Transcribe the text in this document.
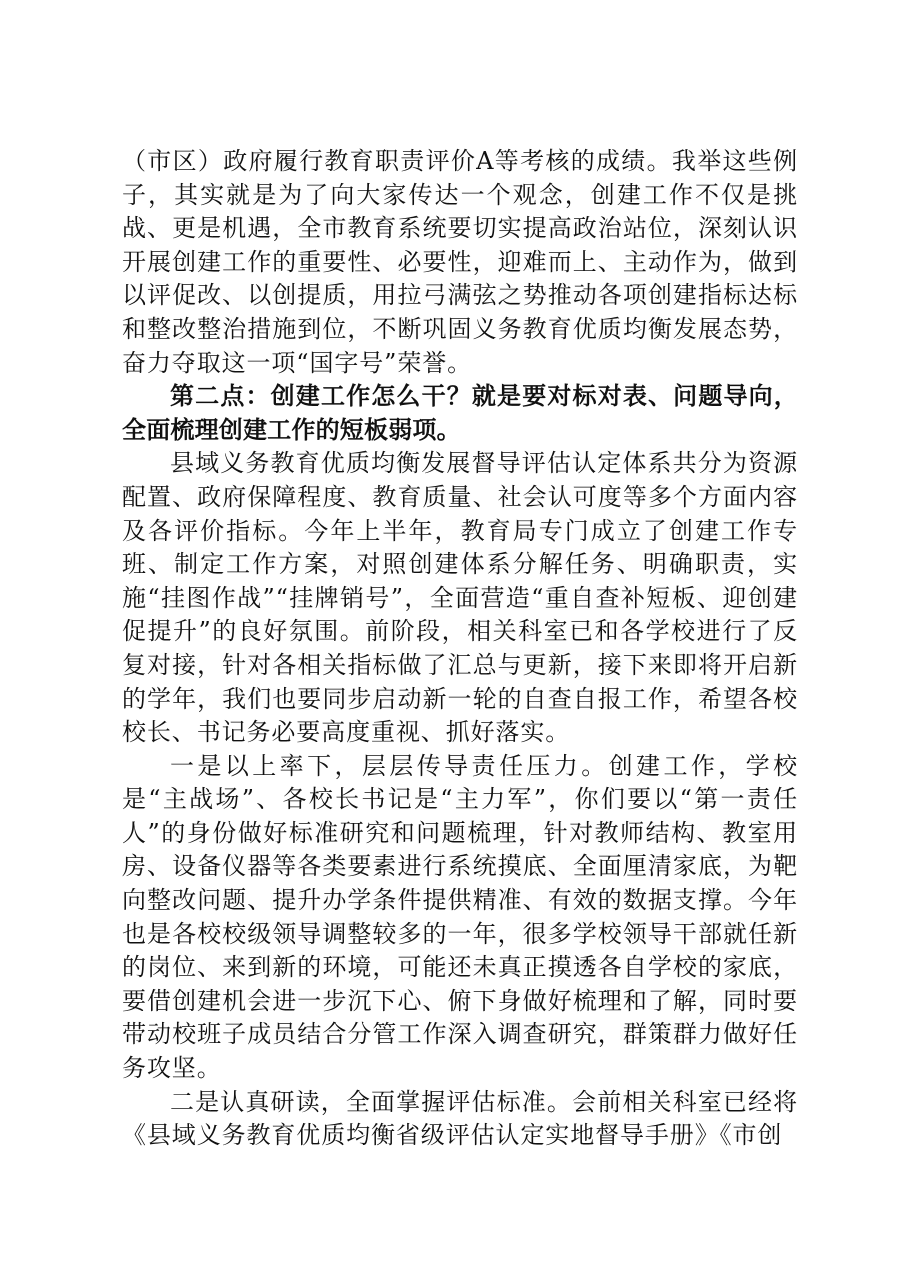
（市区）政府履行教育职责评价A等考核的成绩。我举这些例子，其实就是为了向大家传达一个观念，创建工作不仅是挑战、更是机遇，全市教育系统要切实提高政治站位，深刻认识开展创建工作的重要性、必要性，迎难而上、主动作为，做到以评促改、以创提质，用拉弓满弦之势推动各项创建指标达标和整改整治措施到位，不断巩固义务教育优质均衡发展态势，奋力夺取这一项“国字号”荣誉。

第二点：创建工作怎么干？就是要对标对表、问题导向，全面梳理创建工作的短板弱项。

县域义务教育优质均衡发展督导评估认定体系共分为资源配置、政府保障程度、教育质量、社会认可度等多个方面内容及各评价指标。今年上半年，教育局专门成立了创建工作专班、制定工作方案，对照创建体系分解任务、明确职责，实施“挂图作战”“挂牌销号”，全面营造“重自查补短板、迎创建促提升”的良好氛围。前阶段，相关科室已和各学校进行了反复对接，针对各相关指标做了汇总与更新，接下来即将开启新的学年，我们也要同步启动新一轮的自查自报工作，希望各校校长、书记务必要高度重视、抓好落实。

一是以上率下，层层传导责任压力。创建工作，学校是“主战场”、各校长书记是“主力军”，你们要以“第一责任人”的身份做好标准研究和问题梳理，针对教师结构、教室用房、设备仪器等各类要素进行系统摸底、全面厘清家底，为靶向整改问题、提升办学条件提供精准、有效的数据支撑。今年也是各校校级领导调整较多的一年，很多学校领导干部就任新的岗位、来到新的环境，可能还未真正摸透各自学校的家底，要借创建机会进一步沉下心、俯下身做好梳理和了解，同时要带动校班子成员结合分管工作深入调查研究，群策群力做好任务攻坚。

二是认真研读，全面掌握评估标准。会前相关科室已经将《县域义务教育优质均衡省级评估认定实地督导手册》《市创
